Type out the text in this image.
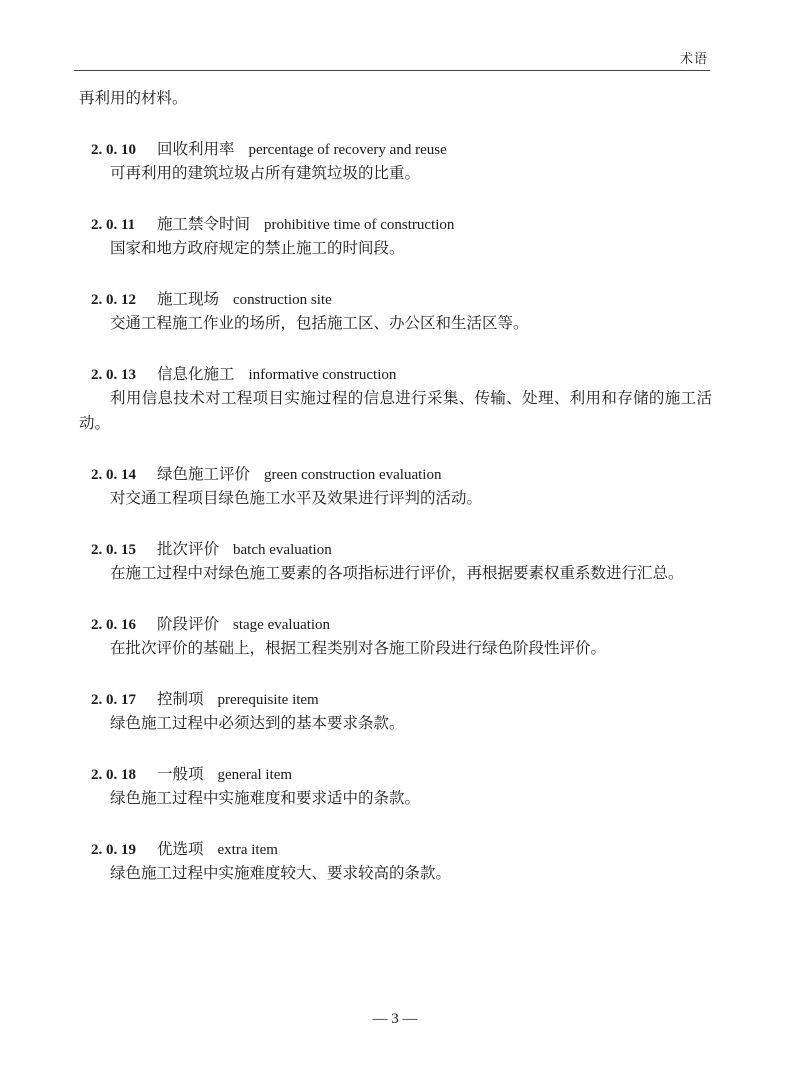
术语
再利用的材料。
2. 0. 10 回收利用率 percentage of recovery and reuse
可再利用的建筑垃圾占所有建筑垃圾的比重。
2. 0. 11 施工禁令时间 prohibitive time of construction
国家和地方政府规定的禁止施工的时间段。
2. 0. 12 施工现场 construction site
交通工程施工作业的场所，包括施工区、办公区和生活区等。
2. 0. 13 信息化施工 informative construction
利用信息技术对工程项目实施过程的信息进行采集、传输、处理、利用和存储的施工活动。
2. 0. 14 绿色施工评价 green construction evaluation
对交通工程项目绿色施工水平及效果进行评判的活动。
2. 0. 15 批次评价 batch evaluation
在施工过程中对绿色施工要素的各项指标进行评价，再根据要素权重系数进行汇总。
2. 0. 16 阶段评价 stage evaluation
在批次评价的基础上，根据工程类别对各施工阶段进行绿色阶段性评价。
2. 0. 17 控制项 prerequisite item
绿色施工过程中必须达到的基本要求条款。
2. 0. 18 一般项 general item
绿色施工过程中实施难度和要求适中的条款。
2. 0. 19 优选项 extra item
绿色施工过程中实施难度较大、要求较高的条款。
— 3 —
